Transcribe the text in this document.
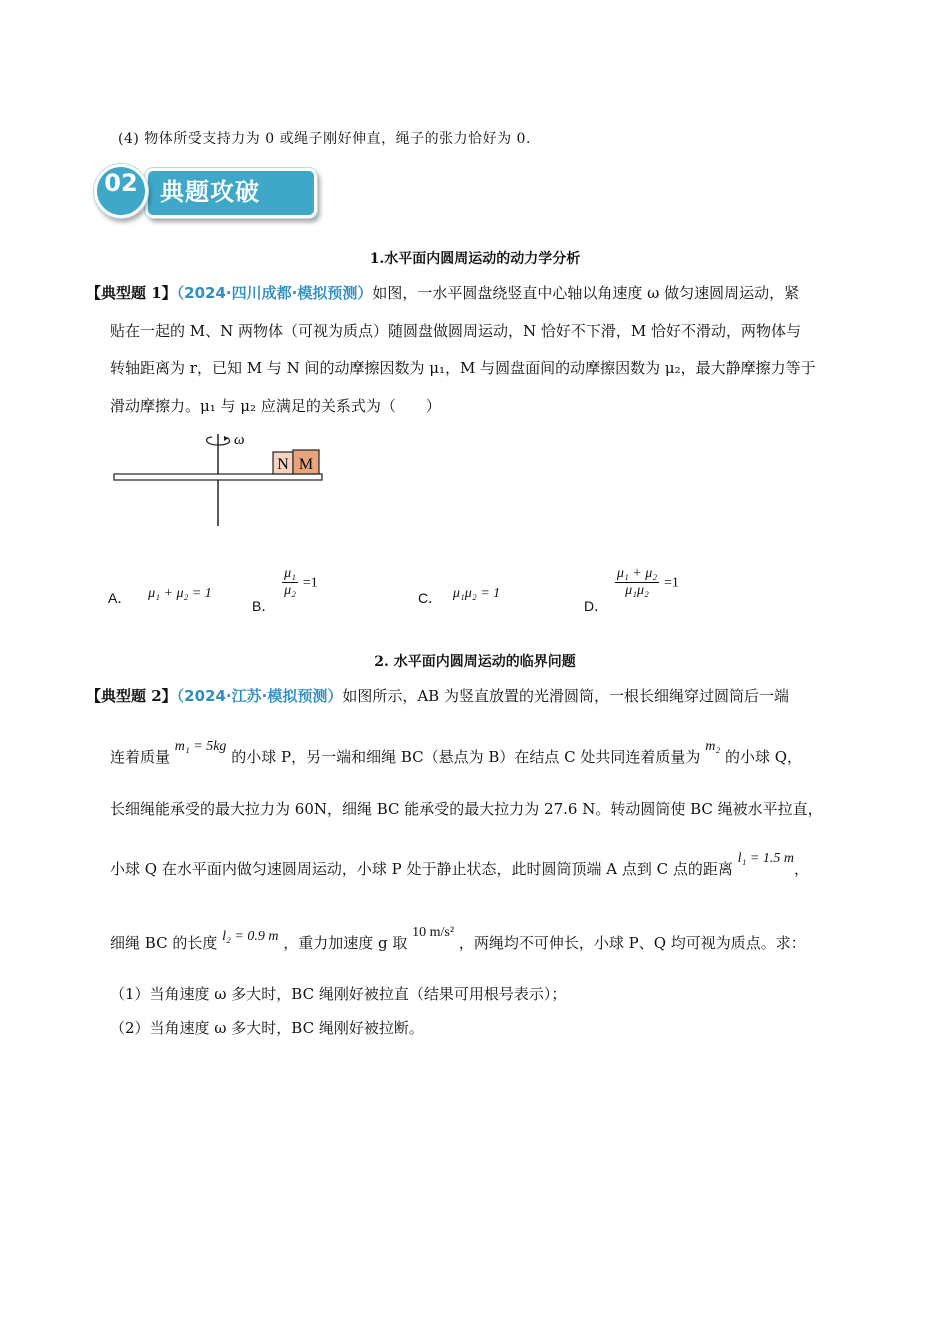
(4) 物体所受支持力为 0 或绳子刚好伸直，绳子的张力恰好为 0.
典题攻破
02
1.水平面内圆周运动的动力学分析
【典型题 1】（2024·四川成都·模拟预测）如图，一水平圆盘绕竖直中心轴以角速度 ω 做匀速圆周运动，紧
贴在一起的 M、N 两物体（可视为质点）随圆盘做圆周运动，N 恰好不下滑，M 恰好不滑动，两物体与
转轴距离为 r，已知 M 与 N 间的动摩擦因数为 μ₁，M 与圆盘面间的动摩擦因数为 μ₂，最大静摩擦力等于
滑动摩擦力。μ₁ 与 μ₂ 应满足的关系式为（　　）
ω
N M
A． μ₁ + μ₂ = 1
B．
$\frac{\text{μ₁}}{\text{μ₂}} =1$
C． μ₁μ₂ = 1
D．
$\frac{\text{μ₁ + μ₂}}{\text{μ₁μ₂}} =1$
2. 水平面内圆周运动的临界问题
【典型题 2】（2024·江苏·模拟预测）如图所示，AB 为竖直放置的光滑圆筒，一根长细绳穿过圆筒后一端
连着质量 m₁ = 5kg 的小球 P，另一端和细绳 BC（悬点为 B）在结点 C 处共同连着质量为 m₂ 的小球 Q，
长细绳能承受的最大拉力为 60N，细绳 BC 能承受的最大拉力为 27.6 N。转动圆筒使 BC 绳被水平拉直，
小球 Q 在水平面内做匀速圆周运动，小球 P 处于静止状态，此时圆筒顶端 A 点到 C 点的距离 l₁ = 1.5 m，
细绳 BC 的长度 l₂ = 0.9 m ，重力加速度 g 取 10 m/s² ，两绳均不可伸长，小球 P、Q 均可视为质点。求：
（1）当角速度 ω 多大时，BC 绳刚好被拉直（结果可用根号表示）；
（2）当角速度 ω 多大时，BC 绳刚好被拉断。
